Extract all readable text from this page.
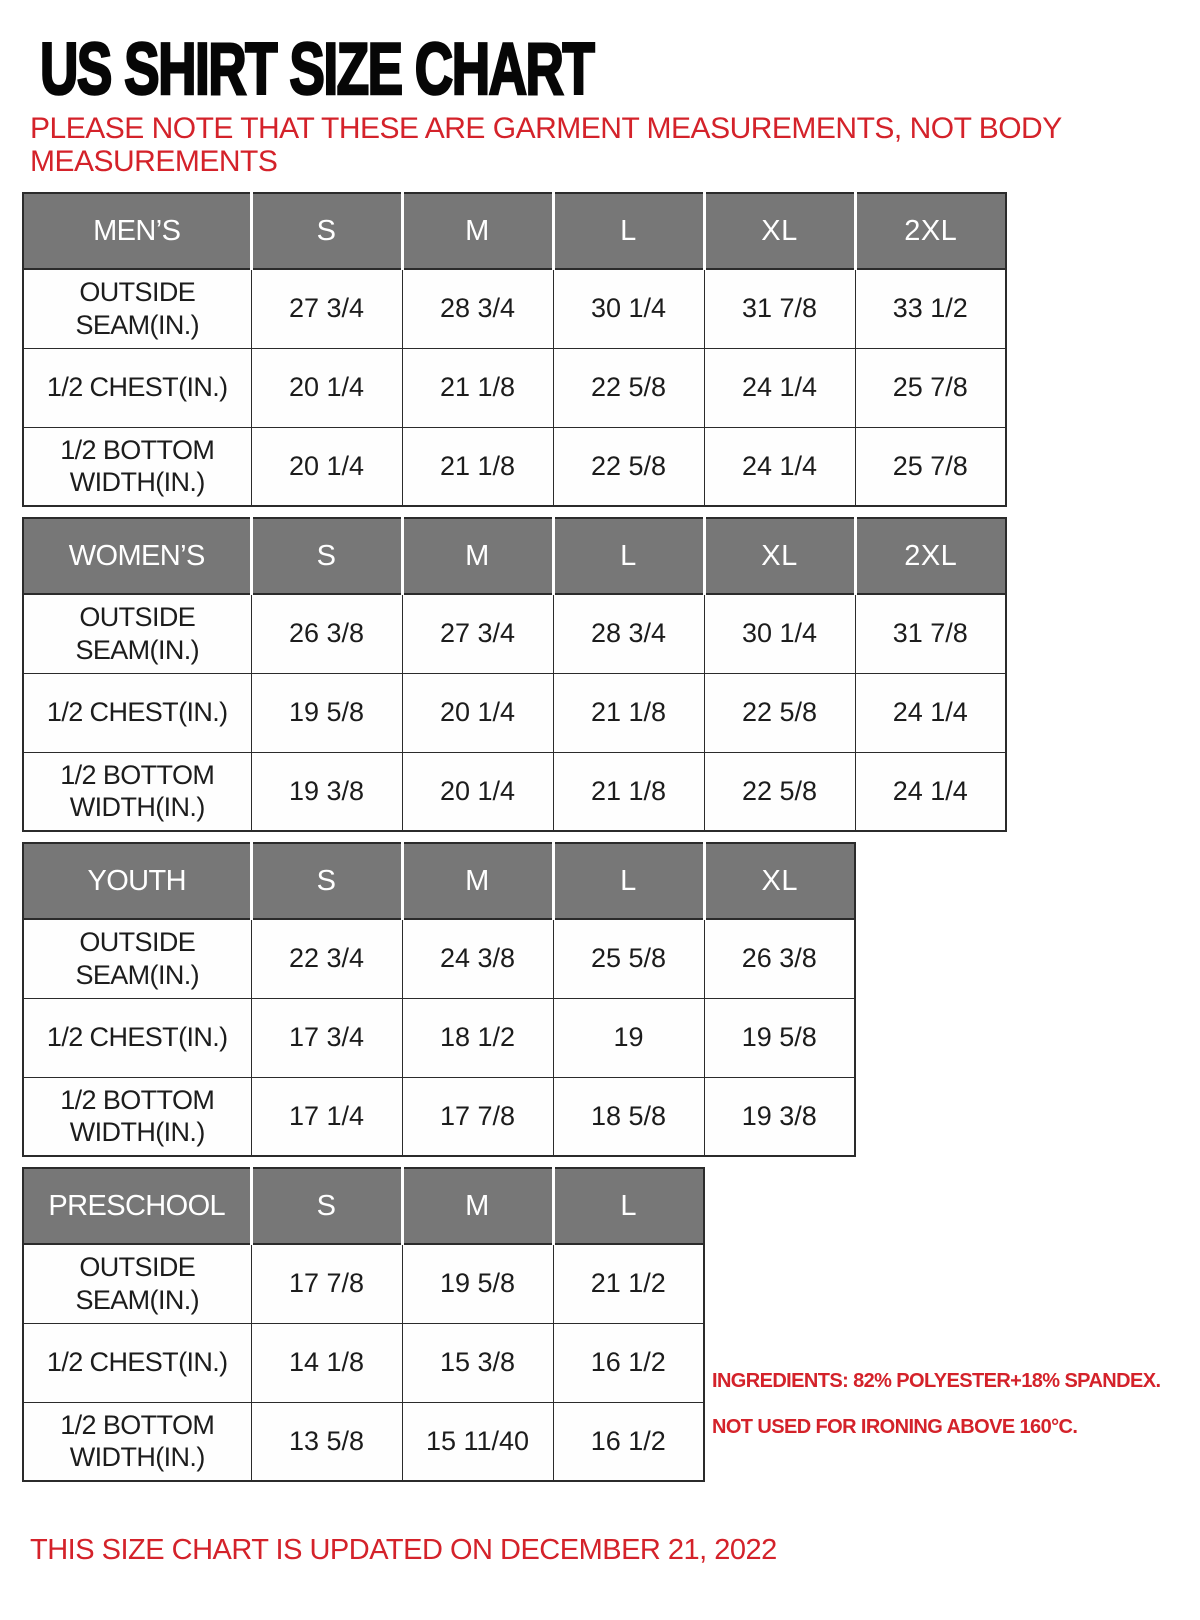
US SHIRT SIZE CHART

PLEASE NOTE THAT THESE ARE GARMENT MEASUREMENTS, NOT BODY MEASUREMENTS

MEN’S	S	M	L	XL	2XL
OUTSIDE SEAM(IN.)	27 3/4	28 3/4	30 1/4	31 7/8	33 1/2
1/2 CHEST(IN.)	20 1/4	21 1/8	22 5/8	24 1/4	25 7/8
1/2 BOTTOM WIDTH(IN.)	20 1/4	21 1/8	22 5/8	24 1/4	25 7/8
WOMEN’S	S	M	L	XL	2XL
OUTSIDE SEAM(IN.)	26 3/8	27 3/4	28 3/4	30 1/4	31 7/8
1/2 CHEST(IN.)	19 5/8	20 1/4	21 1/8	22 5/8	24 1/4
1/2 BOTTOM WIDTH(IN.)	19 3/8	20 1/4	21 1/8	22 5/8	24 1/4
YOUTH	S	M	L	XL
OUTSIDE SEAM(IN.)	22 3/4	24 3/8	25 5/8	26 3/8
1/2 CHEST(IN.)	17 3/4	18 1/2	19	19 5/8
1/2 BOTTOM WIDTH(IN.)	17 1/4	17 7/8	18 5/8	19 3/8
PRESCHOOL	S	M	L
OUTSIDE SEAM(IN.)	17 7/8	19 5/8	21 1/2
1/2 CHEST(IN.)	14 1/8	15 3/8	16 1/2
1/2 BOTTOM WIDTH(IN.)	13 5/8	15 11/40	16 1/2
INGREDIENTS: 82% POLYESTER+18% SPANDEX.
NOT USED FOR IRONING ABOVE 160°C.

THIS SIZE CHART IS UPDATED ON DECEMBER 21, 2022
